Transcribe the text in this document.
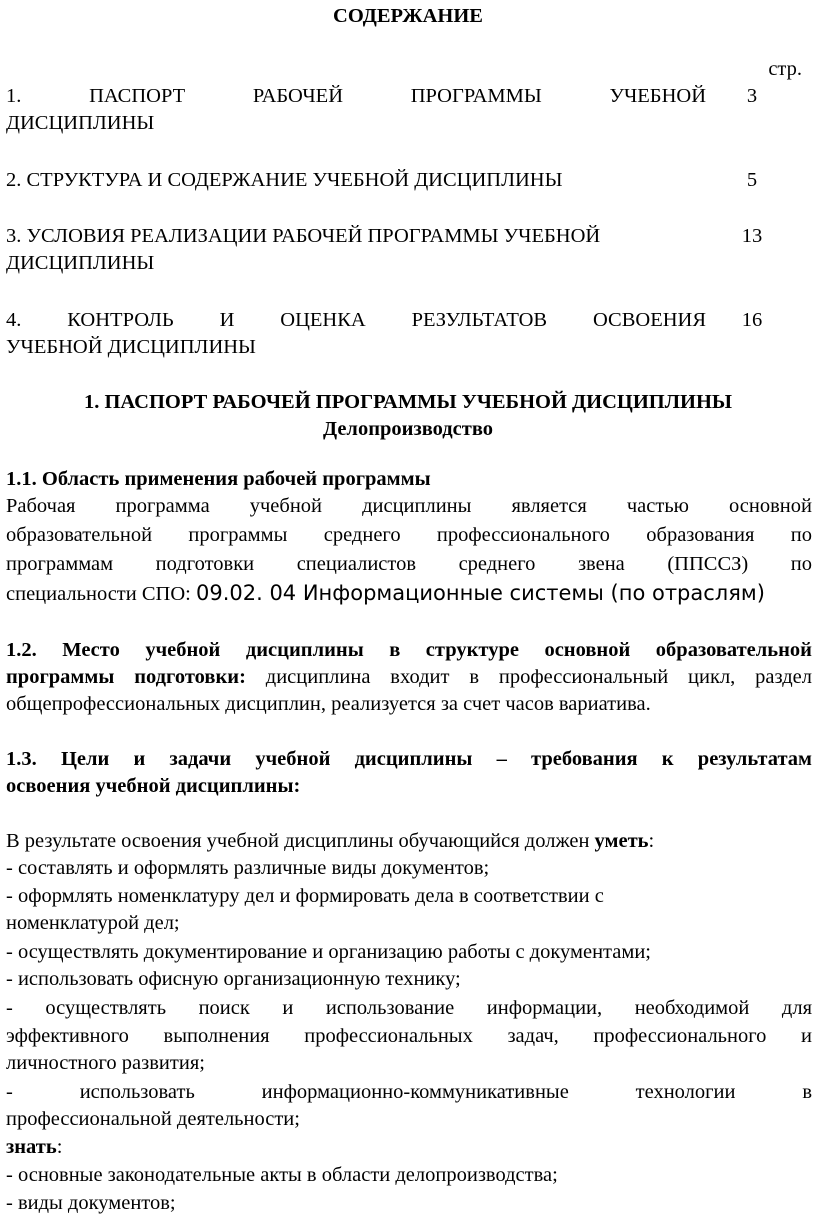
СОДЕРЖАНИЕ
стр.
1. ПАСПОРТ РАБОЧЕЙ ПРОГРАММЫ УЧЕБНОЙ
ДИСЦИПЛИНЫ
3
2. СТРУКТУРА И СОДЕРЖАНИЕ УЧЕБНОЙ ДИСЦИПЛИНЫ	5
3. УСЛОВИЯ РЕАЛИЗАЦИИ РАБОЧЕЙ ПРОГРАММЫ УЧЕБНОЙ
ДИСЦИПЛИНЫ
13
4. КОНТРОЛЬ И ОЦЕНКА РЕЗУЛЬТАТОВ ОСВОЕНИЯ
УЧЕБНОЙ ДИСЦИПЛИНЫ
16
1. ПАСПОРТ РАБОЧЕЙ ПРОГРАММЫ УЧЕБНОЙ ДИСЦИПЛИНЫ
Делопроизводство
1.1. Область применения рабочей программы
Рабочая программа учебной дисциплины является частью основной
образовательной программы среднего профессионального образования по
программам подготовки специалистов среднего звена (ППССЗ) по
специальности СПО: 09.02. 04 Информационные системы (по отраслям)
1.2. Место учебной дисциплины в структуре основной образовательной
программы подготовки: дисциплина входит в профессиональный цикл, раздел
общепрофессиональных дисциплин, реализуется за счет часов вариатива.
1.3. Цели и задачи учебной дисциплины – требования к результатам
освоения учебной дисциплины:
В результате освоения учебной дисциплины обучающийся должен уметь:
- составлять и оформлять различные виды документов;
- оформлять номенклатуру дел и формировать дела в соответствии с
номенклатурой дел;
- осуществлять документирование и организацию работы с документами;
- использовать офисную организационную технику;
- осуществлять поиск и использование информации, необходимой для
эффективного выполнения профессиональных задач, профессионального и
личностного развития;
- использовать информационно-коммуникативные технологии в
профессиональной деятельности;
знать:
- основные законодательные акты в области делопроизводства;
- виды документов;
